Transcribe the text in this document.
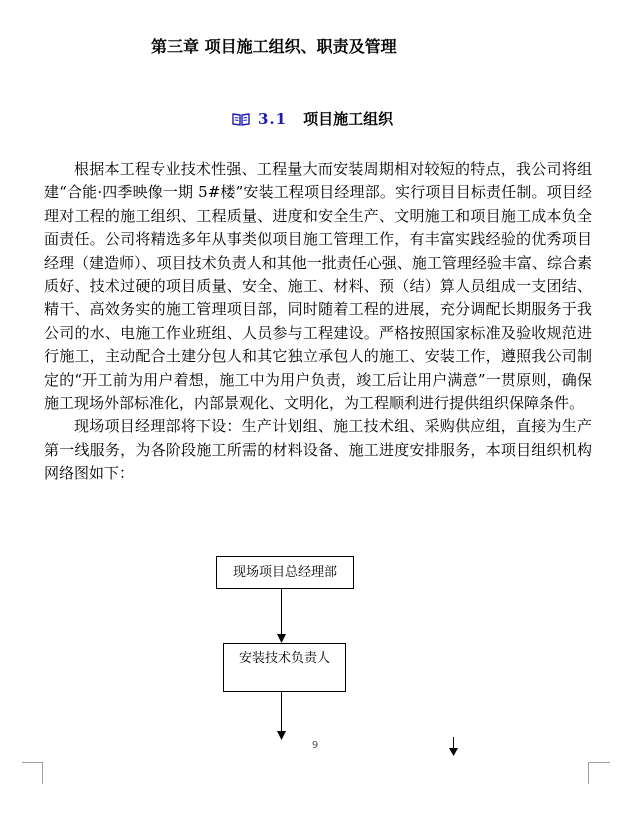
第三章 项目施工组织、职责及管理
3.1 项目施工组织

根据本工程专业技术性强、工程量大而安装周期相对较短的特点，我公司将组建“合能·四季映像一期 5#楼”安装工程项目经理部。实行项目目标责任制。项目经理对工程的施工组织、工程质量、进度和安全生产、文明施工和项目施工成本负全面责任。公司将精选多年从事类似项目施工管理工作，有丰富实践经验的优秀项目经理（建造师）、项目技术负责人和其他一批责任心强、施工管理经验丰富、综合素质好、技术过硬的项目质量、安全、施工、材料、预（结）算人员组成一支团结、精干、高效务实的施工管理项目部，同时随着工程的进展，充分调配长期服务于我公司的水、电施工作业班组、人员参与工程建设。严格按照国家标准及验收规范进行施工，主动配合土建分包人和其它独立承包人的施工、安装工作，遵照我公司制定的“开工前为用户着想，施工中为用户负责，竣工后让用户满意”一贯原则，确保施工现场外部标准化，内部景观化、文明化，为工程顺利进行提供组织保障条件。

现场项目经理部将下设：生产计划组、施工技术组、采购供应组，直接为生产第一线服务，为各阶段施工所需的材料设备、施工进度安排服务，本项目组织机构网络图如下：

现场项目总经理部
安装技术负责人
9
